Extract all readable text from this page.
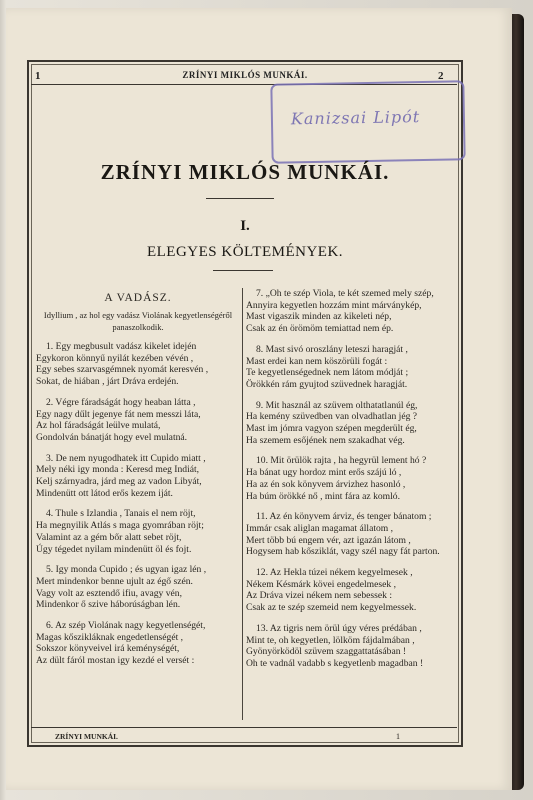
1	ZRÍNYI MIKLÓS MUNKÁI.	2
Kanizsai Lipót
ZRÍNYI MIKLÓS MUNKÁI.
I.
ELEGYES KÖLTEMÉNYEK.
A VADÁSZ.
Idyllium , az hol egy vadász Violának kegyetlenségéről
panaszolkodik.
1. Egy megbusult vadász kikelet idején
Egykoron könnyű nyilát kezében vévén ,
Egy sebes szarvasgémnek nyomát keresvén ,
Sokat, de hiában , járt Dráva erdején.
2. Végre fáradságát hogy heaban látta ,
Egy nagy dűlt jegenye fát nem messzi láta,
Az hol fáradságát leülve mulatá,
Gondolván bánatját hogy evel mulatná.
3. De nem nyugodhatek itt Cupido miatt ,
Mely néki igy monda : Keresd meg Indiát,
Kelj szárnyadra, járd meg az vadon Libyát,
Mindenütt ott látod erős kezem iját.
4. Thule s Izlandia , Tanais el nem röjt,
Ha megnyilik Atlás s maga gyomrában röjt;
Valamint az a gém bőr alatt sebet röjt,
Úgy tégedet nyilam mindenütt öl és fojt.
5. Igy monda Cupido ; és ugyan igaz lén ,
Mert mindenkor benne ujult az égő szén.
Vagy volt az esztendő ifiu, avagy vén,
Mindenkor ő szive háborúságban lén.
6. Az szép Violának nagy kegyetlenségét,
Magas kőszikláknak engedetlenségét ,
Sokszor könyveivel irá keménységét,
Az dült fáról mostan igy kezdé el versét :
7. „Oh te szép Viola, te két szemed mely szép,
Annyira kegyetlen hozzám mint márványkép,
Mast vigaszik minden az kikeleti nép,
Csak az én örömöm temiattad nem ép.
8. Mast sivó oroszlány leteszi haragját ,
Mast erdei kan nem köszörüli fogát :
Te kegyetlenségednek nem látom módját ;
Örökkén rám gyujtod szüvednek haragját.
9. Mit használ az szüvem olthatatlanúl ég,
Ha kemény szüvedben van olvadhatlan jég ?
Mast im jómra vagyon szépen megderült ég,
Ha szemem esőjének nem szakadhat vég.
10. Mit örülök rajta , ha hegyrül lement hó ?
Ha bánat ugy hordoz mint erős szájú ló ,
Ha az én sok könyvem árvizhez hasonló ,
Ha búm örökké nő , mint fára az komló.
11. Az én könyvem árviz, és tenger bánatom ;
Immár csak aliglan magamat állatom ,
Mert több bú engem vér, azt igazán látom ,
Hogysem hab kősziklát, vagy szél nagy fát parton.
12. Az Hekla túzei nékem kegyelmesek ,
Nékem Késmárk kövei engedelmesek ,
Az Dráva vizei nékem nem sebessek :
Csak az te szép szemeid nem kegyelmessek.
13. Az tigris nem örül úgy véres prédában ,
Mint te, oh kegyetlen, lölköm fájdalmában ,
Gyönyörködöl szüvem szaggattatásában !
Oh te vadnál vadabb s kegyetlenb magadban !
ZRÍNYI MUNKÁI.	1
